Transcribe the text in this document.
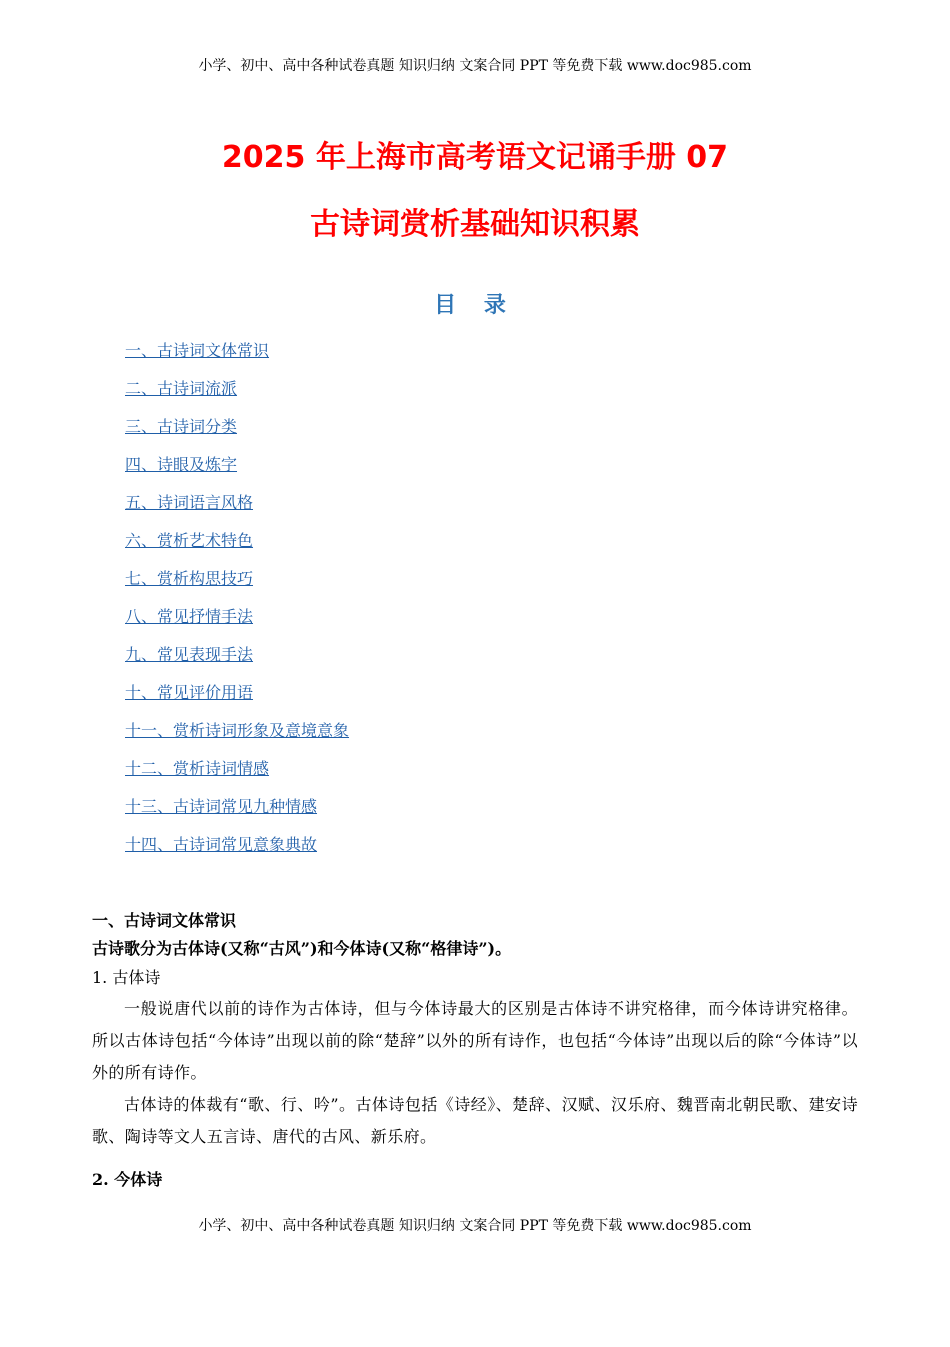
小学、初中、高中各种试卷真题 知识归纳 文案合同 PPT 等免费下载 www.doc985.com
2025 年上海市高考语文记诵手册 07
古诗词赏析基础知识积累
目 录
一、古诗词文体常识
二、古诗词流派
三、古诗词分类
四、诗眼及炼字
五、诗词语言风格
六、赏析艺术特色
七、赏析构思技巧
八、常见抒情手法
九、常见表现手法
十、常见评价用语
十一、赏析诗词形象及意境意象
十二、赏析诗词情感
十三、古诗词常见九种情感
十四、古诗词常见意象典故

一、古诗词文体常识

古诗歌分为古体诗(又称“古风”)和今体诗(又称“格律诗”)。

1. 古体诗

一般说唐代以前的诗作为古体诗，但与今体诗最大的区别是古体诗不讲究格律，而今体诗讲究格律。所以古体诗包括“今体诗”出现以前的除“楚辞”以外的所有诗作，也包括“今体诗”出现以后的除“今体诗”以外的所有诗作。

古体诗的体裁有“歌、行、吟”。古体诗包括《诗经》、楚辞、汉赋、汉乐府、魏晋南北朝民歌、建安诗歌、陶诗等文人五言诗、唐代的古风、新乐府。

2. 今体诗

小学、初中、高中各种试卷真题 知识归纳 文案合同 PPT 等免费下载 www.doc985.com
